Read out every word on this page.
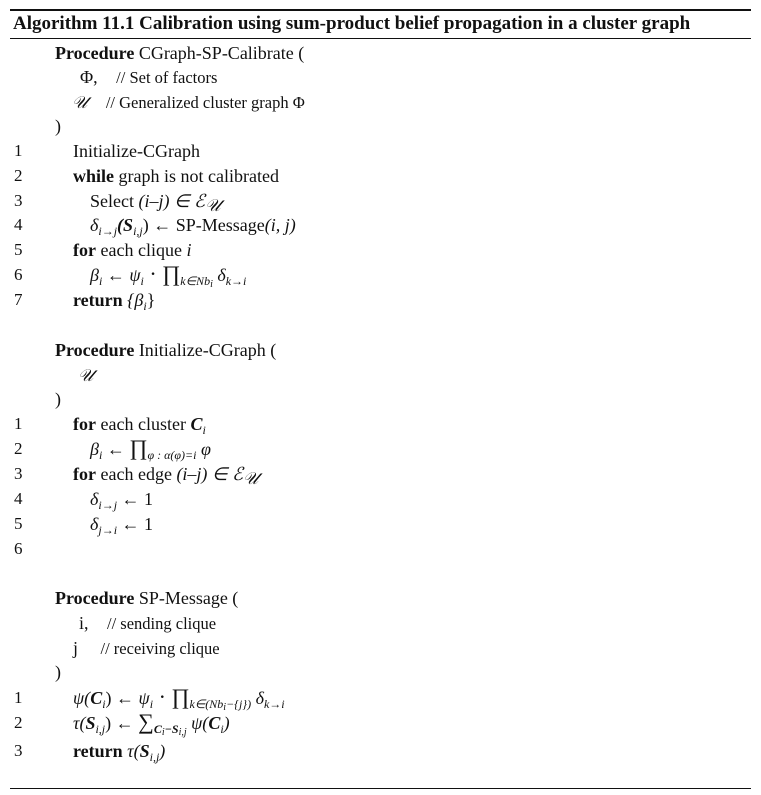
Algorithm 11.1 Calibration using sum-product belief propagation in a cluster graph
Procedure CGraph-SP-Calibrate (
Φ, // Set of factors
𝒰 // Generalized cluster graph Φ
)
1
2
3
4
5
6
7
Initialize-CGraph
while graph is not calibrated
Select (i–j) ∈ ℰ$_𝒰$
$\delta_{i\to j}(S_{i,j})$ ← SP-Message(i, j)
for each clique i
$\beta_i$ ← $\psi_i$ · $\prod_{k\in Nb_i}$ $\delta_{k\to i}$
return $\{\beta_i\}$
Procedure Initialize-CGraph (
𝒰
)
1
2
3
4
5
6
for each cluster $C_i$
$\beta_i$ ← $\prod_{\varphi : \alpha(\varphi)=i}$ φ
for each edge (i–j) ∈ ℰ$_𝒰$
$\delta_{i\to j}$ ← 1
$\delta_{j\to i}$ ← 1
Procedure SP-Message (
i, // sending clique
j // receiving clique
)
1
2
3
$\psi(C_i)$ ← $\psi_i$ · $\prod_{k\in(Nb_i-\{j\})}$ $\delta_{k\to i}$
$\tau(S_{i,j})$ ← $\sum_{C_i-S_{i,j}}$ $\psi(C_i)$
return $\tau(S_{i,j})$
